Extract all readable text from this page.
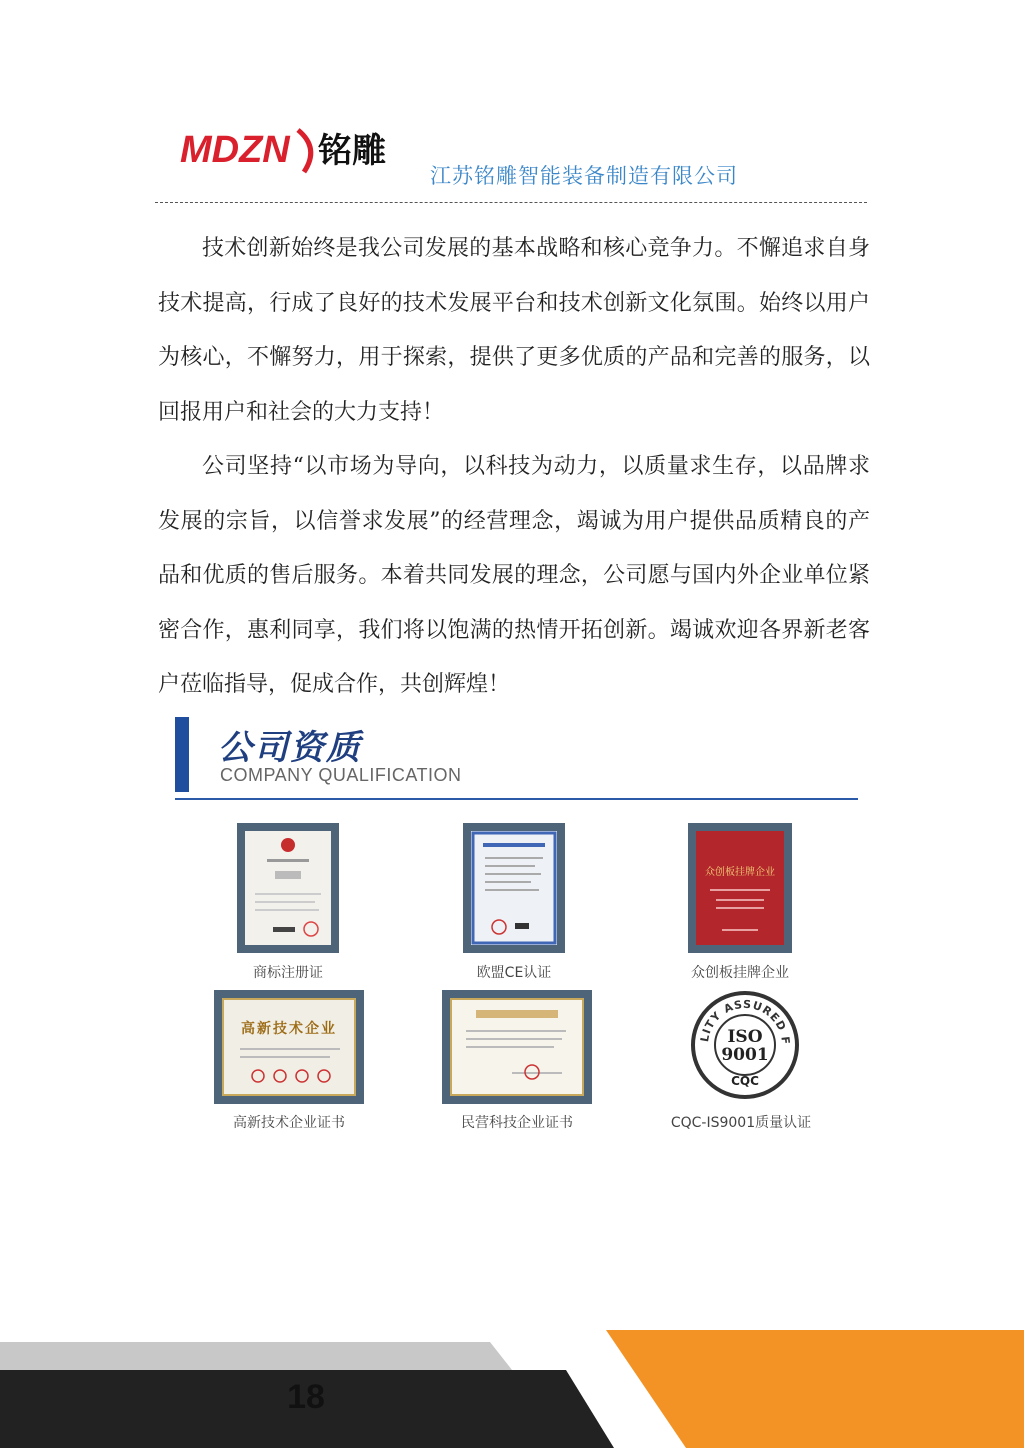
MDZN 铭雕
江苏铭雕智能装备制造有限公司

技术创新始终是我公司发展的基本战略和核心竞争力。不懈追求自身技术提高，行成了良好的技术发展平台和技术创新文化氛围。始终以用户为核心，不懈努力，用于探索，提供了更多优质的产品和完善的服务，以回报用户和社会的大力支持！

公司坚持“以市场为导向，以科技为动力，以质量求生存，以品牌求发展的宗旨，以信誉求发展”的经营理念，竭诚为用户提供品质精良的产品和优质的售后服务。本着共同发展的理念，公司愿与国内外企业单位紧密合作，惠利同享，我们将以饱满的热情开拓创新。竭诚欢迎各界新老客户莅临指导，促成合作，共创辉煌！

公司资质
COMPANY QUALIFICATION
商标注册证	欧盟CE认证
众创板挂牌企业
众创板挂牌企业
高新技术企业
高新技术企业证书	民营科技企业证书
LITY ASSURED F
ISO
9001
CQC
CQC-IS9001质量认证
18
